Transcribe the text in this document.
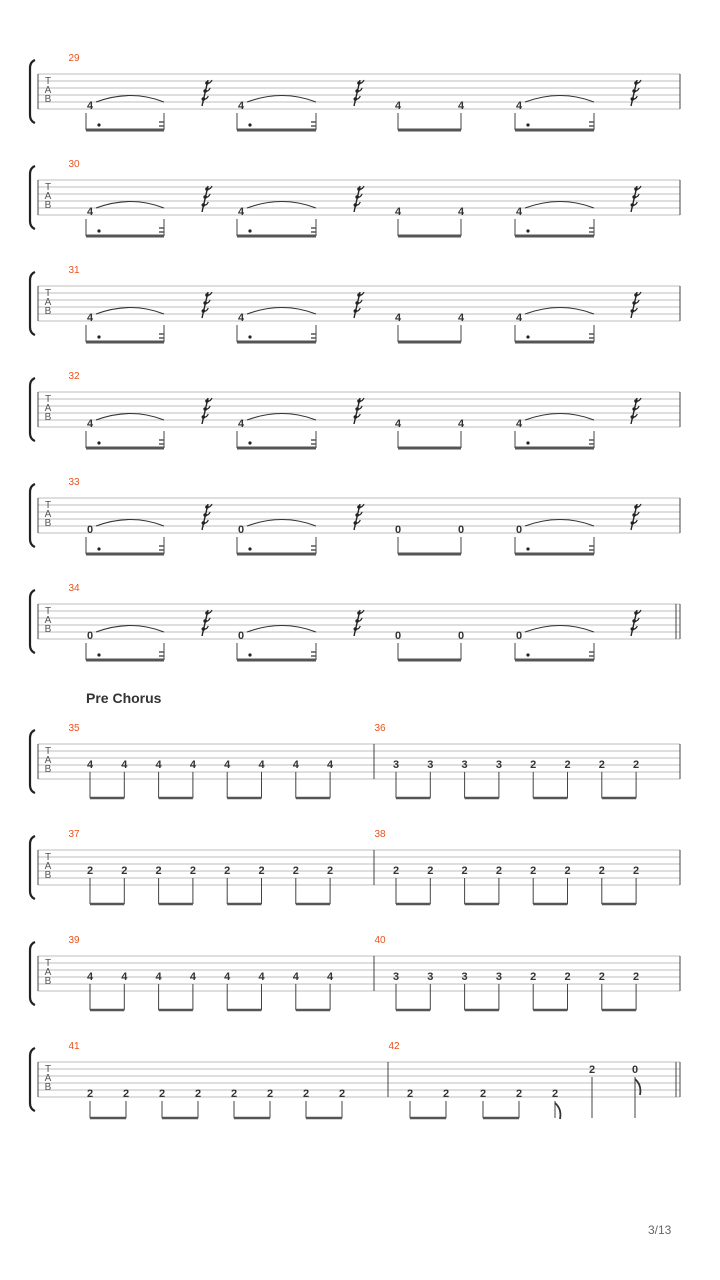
Pre Chorus
3/13
T
A
B
29
4	4	4	4	4
T
A
B
30
4	4	4	4	4
T
A
B
31
4	4	4	4	4
T
A
B
32
4	4	4	4	4
T
A
B
33
0	0	0	0	0
T
A
B
34
0	0	0	0	0
T
A
B
35
4	4	4	4	4	4	4	4
36
3	3	3	3	2	2	2	2
T
A
B
37
2	2	2	2	2	2	2	2
38
2	2	2	2	2	2	2	2
T
A
B
39
4	4	4	4	4	4	4	4
40
3	3	3	3	2	2	2	2
T
A
B
41
2	2	2	2	2	2	2	2
42
2	2	2	2	2
2	0
